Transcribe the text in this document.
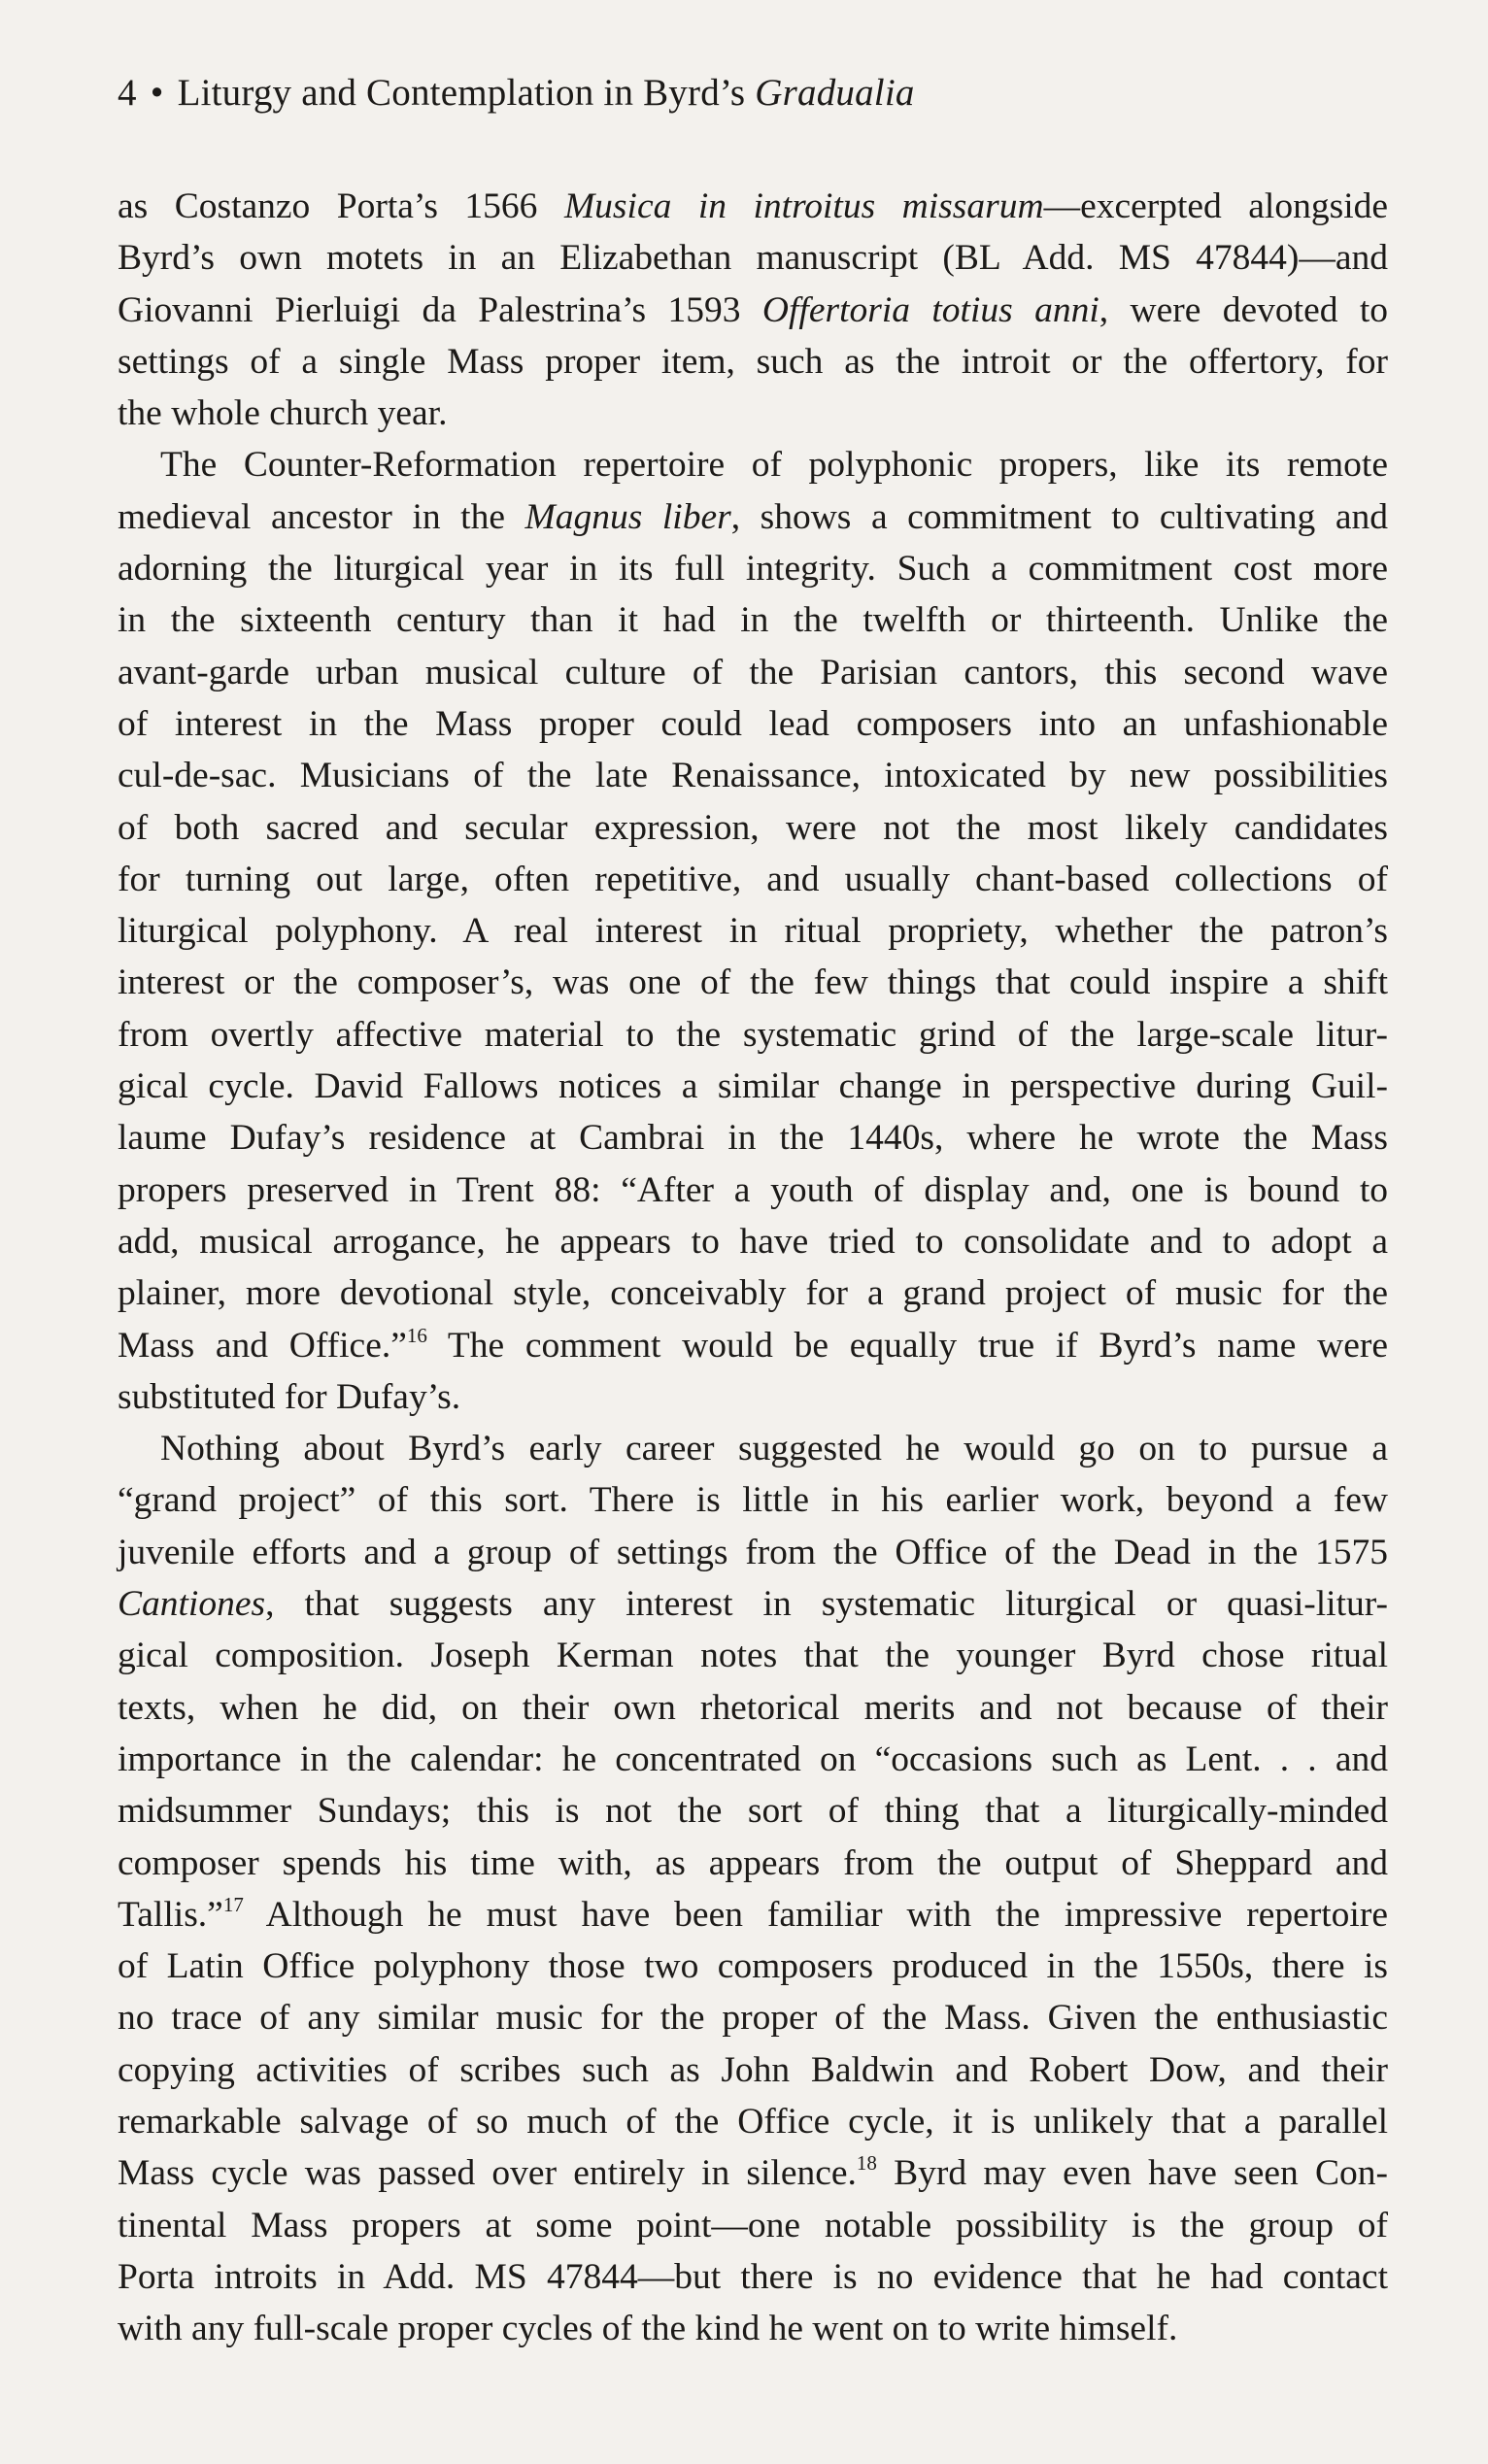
4 • Liturgy and Contemplation in Byrd’s Gradualia
as Costanzo Porta’s 1566 Musica in introitus missarum—excerpted alongside
Byrd’s own motets in an Elizabethan manuscript (BL Add. MS 47844)—and
Giovanni Pierluigi da Palestrina’s 1593 Offertoria totius anni, were devoted to
settings of a single Mass proper item, such as the introit or the offertory, for
the whole church year.
The Counter-Reformation repertoire of polyphonic propers, like its remote
medieval ancestor in the Magnus liber, shows a commitment to cultivating and
adorning the liturgical year in its full integrity. Such a commitment cost more
in the sixteenth century than it had in the twelfth or thirteenth. Unlike the
avant-garde urban musical culture of the Parisian cantors, this second wave
of interest in the Mass proper could lead composers into an unfashionable
cul-de-sac. Musicians of the late Renaissance, intoxicated by new possibilities
of both sacred and secular expression, were not the most likely candidates
for turning out large, often repetitive, and usually chant-based collections of
liturgical polyphony. A real interest in ritual propriety, whether the patron’s
interest or the composer’s, was one of the few things that could inspire a shift
from overtly affective material to the systematic grind of the large-scale litur-
gical cycle. David Fallows notices a similar change in perspective during Guil-
laume Dufay’s residence at Cambrai in the 1440s, where he wrote the Mass
propers preserved in Trent 88: “After a youth of display and, one is bound to
add, musical arrogance, he appears to have tried to consolidate and to adopt a
plainer, more devotional style, conceivably for a grand project of music for the
Mass and Office.”$^{16}$ The comment would be equally true if Byrd’s name were
substituted for Dufay’s.
Nothing about Byrd’s early career suggested he would go on to pursue a
“grand project” of this sort. There is little in his earlier work, beyond a few
juvenile efforts and a group of settings from the Office of the Dead in the 1575
Cantiones, that suggests any interest in systematic liturgical or quasi-litur-
gical composition. Joseph Kerman notes that the younger Byrd chose ritual
texts, when he did, on their own rhetorical merits and not because of their
importance in the calendar: he concentrated on “occasions such as Lent. . . and
midsummer Sundays; this is not the sort of thing that a liturgically-minded
composer spends his time with, as appears from the output of Sheppard and
Tallis.”$^{17}$ Although he must have been familiar with the impressive repertoire
of Latin Office polyphony those two composers produced in the 1550s, there is
no trace of any similar music for the proper of the Mass. Given the enthusiastic
copying activities of scribes such as John Baldwin and Robert Dow, and their
remarkable salvage of so much of the Office cycle, it is unlikely that a parallel
Mass cycle was passed over entirely in silence.$^{18}$ Byrd may even have seen Con-
tinental Mass propers at some point—one notable possibility is the group of
Porta introits in Add. MS 47844—but there is no evidence that he had contact
with any full-scale proper cycles of the kind he went on to write himself.
